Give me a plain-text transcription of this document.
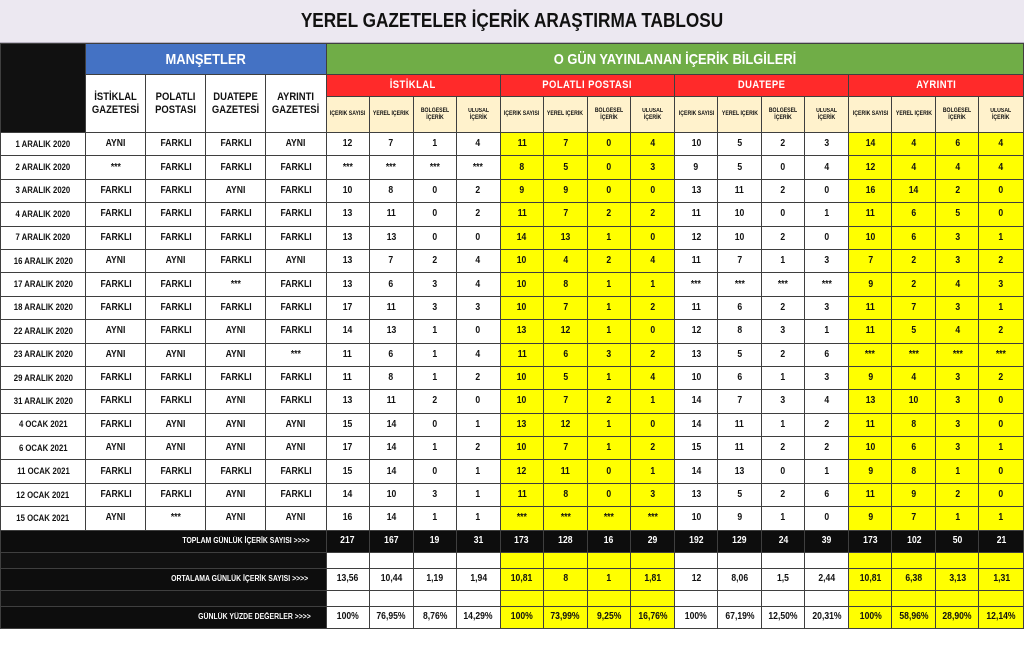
YEREL GAZETELER İÇERİK ARAŞTIRMA TABLOSU
	MANŞETLER				O GÜN YAYINLANAN İÇERİK BİLGİLERİ															
	İSTİKLAL GAZETESİ	POLATLI POSTASI	DUATEPE GAZETESİ	AYRINTI GAZETESİ	İSTİKLAL				POLATLI POSTASI				DUATEPE				AYRINTI			
					İÇERİK SAYISI	YEREL İÇERİK	BÖLGESEL İÇERİK	ULUSAL İÇERİK	İÇERİK SAYISI	YEREL İÇERİK	BÖLGESEL İÇERİK	ULUSAL İÇERİK	İÇERİK SAYISI	YEREL İÇERİK	BÖLGESEL İÇERİK	ULUSAL İÇERİK	İÇERİK SAYISI	YEREL İÇERİK	BÖLGESEL İÇERİK	ULUSAL İÇERİK
1 ARALIK 2020	AYNI	FARKLI	FARKLI	AYNI	12	7	1	4	11	7	0	4	10	5	2	3	14	4	6	4
2 ARALIK 2020	***	FARKLI	FARKLI	FARKLI	***	***	***	***	8	5	0	3	9	5	0	4	12	4	4	4
3 ARALIK 2020	FARKLI	FARKLI	AYNI	FARKLI	10	8	0	2	9	9	0	0	13	11	2	0	16	14	2	0
4 ARALIK 2020	FARKLI	FARKLI	FARKLI	FARKLI	13	11	0	2	11	7	2	2	11	10	0	1	11	6	5	0
7 ARALIK 2020	FARKLI	FARKLI	FARKLI	FARKLI	13	13	0	0	14	13	1	0	12	10	2	0	10	6	3	1
16 ARALIK 2020	AYNI	AYNI	FARKLI	AYNI	13	7	2	4	10	4	2	4	11	7	1	3	7	2	3	2
17 ARALIK 2020	FARKLI	FARKLI	***	FARKLI	13	6	3	4	10	8	1	1	***	***	***	***	9	2	4	3
18 ARALIK 2020	FARKLI	FARKLI	FARKLI	FARKLI	17	11	3	3	10	7	1	2	11	6	2	3	11	7	3	1
22 ARALIK 2020	AYNI	FARKLI	AYNI	FARKLI	14	13	1	0	13	12	1	0	12	8	3	1	11	5	4	2
23 ARALIK 2020	AYNI	AYNI	AYNI	***	11	6	1	4	11	6	3	2	13	5	2	6	***	***	***	***
29 ARALIK 2020	FARKLI	FARKLI	FARKLI	FARKLI	11	8	1	2	10	5	1	4	10	6	1	3	9	4	3	2
31 ARALIK 2020	FARKLI	FARKLI	AYNI	FARKLI	13	11	2	0	10	7	2	1	14	7	3	4	13	10	3	0
4 OCAK 2021	FARKLI	AYNI	AYNI	AYNI	15	14	0	1	13	12	1	0	14	11	1	2	11	8	3	0
6 OCAK 2021	AYNI	AYNI	AYNI	AYNI	17	14	1	2	10	7	1	2	15	11	2	2	10	6	3	1
11 OCAK 2021	FARKLI	FARKLI	FARKLI	FARKLI	15	14	0	1	12	11	0	1	14	13	0	1	9	8	1	0
12 OCAK 2021	FARKLI	FARKLI	AYNI	FARKLI	14	10	3	1	11	8	0	3	13	5	2	6	11	9	2	0
15 OCAK 2021	AYNI	***	AYNI	AYNI	16	14	1	1	***	***	***	***	10	9	1	0	9	7	1	1
TOPLAM GÜNLÜK İÇERİK SAYISI >>>>					217	167	19	31	173	128	16	29	192	129	24	39	173	102	50	21

ORTALAMA GÜNLÜK İÇERİK SAYISI >>>>					13,56	10,44	1,19	1,94	10,81	8	1	1,81	12	8,06	1,5	2,44	10,81	6,38	3,13	1,31

GÜNLÜK YÜZDE DEĞERLER >>>>					100%	76,95%	8,76%	14,29%	100%	73,99%	9,25%	16,76%	100%	67,19%	12,50%	20,31%	100%	58,96%	28,90%	12,14%
